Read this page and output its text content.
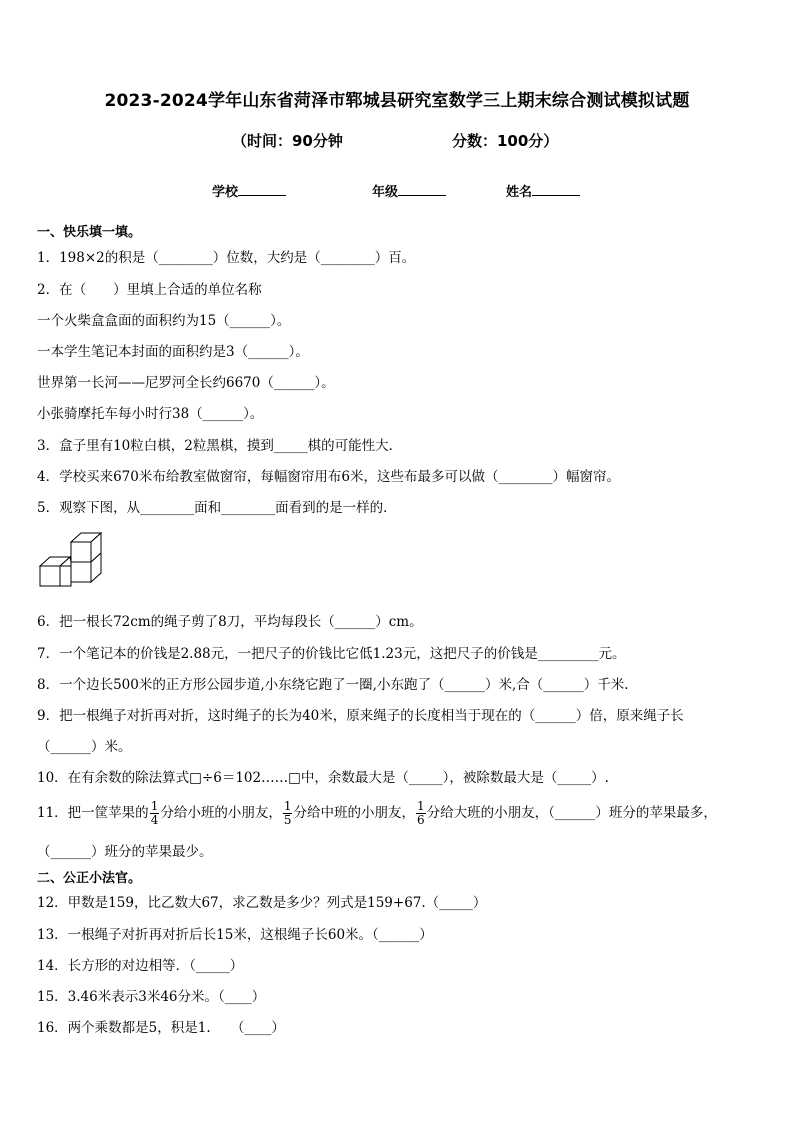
2023-2024学年山东省菏泽市郓城县研究室数学三上期末综合测试模拟试题
（时间：90分钟	分数：100分）
学校	年级	姓名
一、快乐填一填。
1．198×2的积是（________）位数，大约是（________）百。
2．在（　　）里填上合适的单位名称
一个火柴盒盒面的面积约为15（______）。
一本学生笔记本封面的面积约是3（______）。
世界第一长河——尼罗河全长约6670（______）。
小张骑摩托车每小时行38（______）。
3．盒子里有10粒白棋，2粒黑棋，摸到_____棋的可能性大．
4．学校买来670米布给教室做窗帘，每幅窗帘用布6米，这些布最多可以做（________）幅窗帘。
5．观察下图，从________面和________面看到的是一样的．
6．把一根长72cm的绳子剪了8刀，平均每段长（______）cm。
7．一个笔记本的价钱是2.88元，一把尺子的价钱比它低1.23元，这把尺子的价钱是_________元。
8．一个边长500米的正方形公园步道,小东绕它跑了一圈,小东跑了（______）米,合（______）千米.
9．把一根绳子对折再对折，这时绳子的长为40米，原来绳子的长度相当于现在的（______）倍，原来绳子长
（______）米。
10．在有余数的除法算式□÷6＝102……□中，余数最大是（_____），被除数最大是（_____）.
11．把一筐苹果的 $\frac{1}{4}$ 分给小班的小朋友， $\frac{1}{5}$ 分给中班的小朋友， $\frac{1}{6}$ 分给大班的小朋友，（______）班分的苹果最多，
（______）班分的苹果最少。
二、公正小法官。
12．甲数是159，比乙数大67，求乙数是多少？列式是159+67.（_____）
13．一根绳子对折再对折后长15米，这根绳子长60米。（______）
14．长方形的对边相等．（_____）
15．3.46米表示3米46分米。（____）
16．两个乘数都是5，积是1.　　（____）
